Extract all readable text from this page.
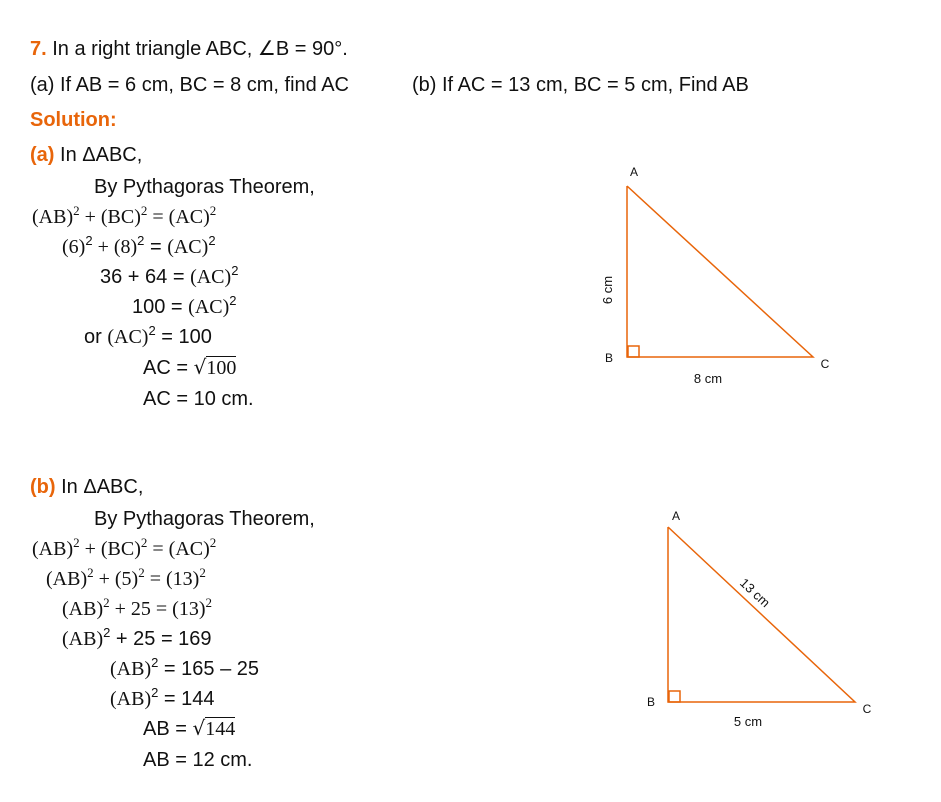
7. In a right triangle ABC, ∠B = 90°.
(a) If AB = 6 cm, BC = 8 cm, find AC	(b) If AC = 13 cm, BC = 5 cm, Find AB
Solution:
(a) In ΔABC,
By Pythagoras Theorem,
(AB)$^2$ + (BC)$^2$ = (AC)$^2$
$(6)^2 + (8)^2 = (AC)^2$
36 + 64 = (AC)$^2$
100 = (AC)$^2$
or (AC)$^2$ = 100
AC = √100
AC = 10 cm.
A
B	C
6 cm
8 cm
(b) In ΔABC,
By Pythagoras Theorem,
(AB)$^2$ + (BC)$^2$ = (AC)$^2$
$(AB)^2 + (5)^2 = (13)^2$
$(AB)^2 + 25 = (13)^2$
(AB)$^2$ + 25 = 169
(AB)$^2$ = 165 – 25
(AB)$^2$ = 144
AB = √144
AB = 12 cm.
A
B	C
13 cm
5 cm
